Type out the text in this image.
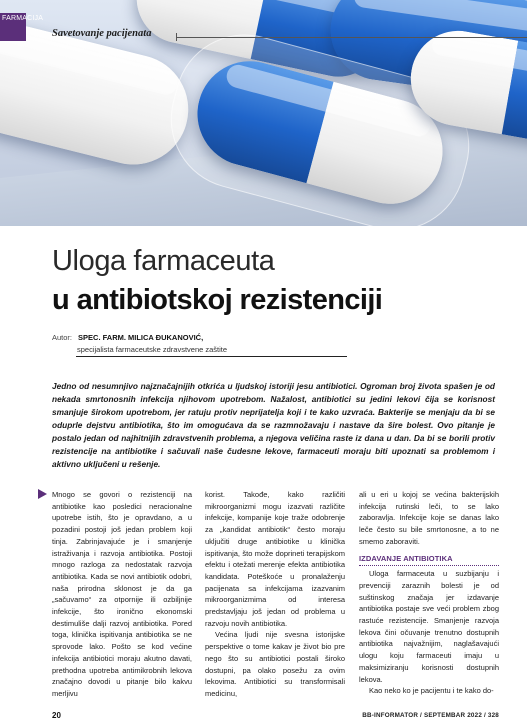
FARMACIJA
Savetovanje pacijenata
Uloga farmaceuta
u antibiotskoj rezistenciji
Autor: SPEC. FARM. MILICA ĐUKANOVIĆ,
specijalista farmaceutske zdravstvene zaštite
Jedno od nesumnjivo najznačajnijih otkrića u ljudskoj istoriji jesu antibiotici. Ogroman broj života spašen je od nekada smrtonosnih infekcija njihovom upotrebom. Nažalost, antibiotici su jedini lekovi čija se korisnost smanjuje širokom upotrebom, jer ratuju protiv neprijatelja koji i te kako uzvraća. Bakterije se menjaju da bi se oduprle dejstvu antibiotika, što im omogućava da se razmnožavaju i nastave da šire bolest. Ovo pitanje je postalo jedan od najhitnijih zdravstvenih problema, a njegova veličina raste iz dana u dan. Da bi se borili protiv rezistencije na antibiotike i sačuvali naše čudesne lekove, farmaceuti moraju biti upoznati sa problemom i aktivno uključeni u rešenje.

Mnogo se govori o rezistenciji na antibiotike kao posledici neracionalne upotrebe istih, što je opravdano, a u pozadini postoji još jedan problem koji tinja. Zabrinjavajuće je i smanjenje istraživanja i razvoja antibiotika. Postoji mnogo razloga za nedostatak razvoja antibiotika. Kada se novi antibiotik odobri, naša prirodna sklonost je da ga „sačuvamo“ za otpornije ili ozbiljnije infekcije, što ironično ekonomski destimuliše dalji razvoj antibiotika. Pored toga, klinička ispitivanja antibiotika se ne sprovode lako. Pošto se kod većine infekcija antibiotici moraju akutno davati, prethodna upotreba antimikrobnih lekova značajno dovodi u pitanje bilo kakvu merljivu

korist. Takođe, kako različiti mikroorganizmi mogu izazvati različite infekcije, kompanije koje traže odobrenje za „kandidat antibiotik“ često moraju uključiti druge antibiotike u klinička ispitivanja, što može doprineti terapijskom efektu i otežati merenje efekta antibiotika kandidata. Poteškoće u pronalaženju pacijenata sa infekcijama izazvanim mikroorganizmima od interesa predstavljaju još jedan od problema u razvoju novih antibiotika.

Većina ljudi nije svesna istorijske perspektive o tome kakav je život bio pre nego što su antibiotici postali široko dostupni, pa olako posežu za ovim lekovima. Antibiotici su transformisali medicinu,

ali u eri u kojoj se većina bakterijskih infekcija rutinski leči, to se lako zaboravlja. Infekcije koje se danas lako leče često su bile smrtonosne, a to ne smemo zaboraviti.

IZDAVANJE ANTIBIOTIKA

Uloga farmaceuta u suzbijanju i prevenciji zaraznih bolesti je od suštinskog značaja jer izdavanje antibiotika postaje sve veći problem zbog rastuće rezistencije. Smanjenje razvoja lekova čini očuvanje trenutno dostupnih antibiotika najvažnijim, naglašavajući ulogu koju farmaceuti imaju u maksimiziranju korisnosti dostupnih lekova.

Kao neko ko je pacijentu i te kako do-

20	BB-INFORMATOR / SEPTEMBAR 2022 / 328
